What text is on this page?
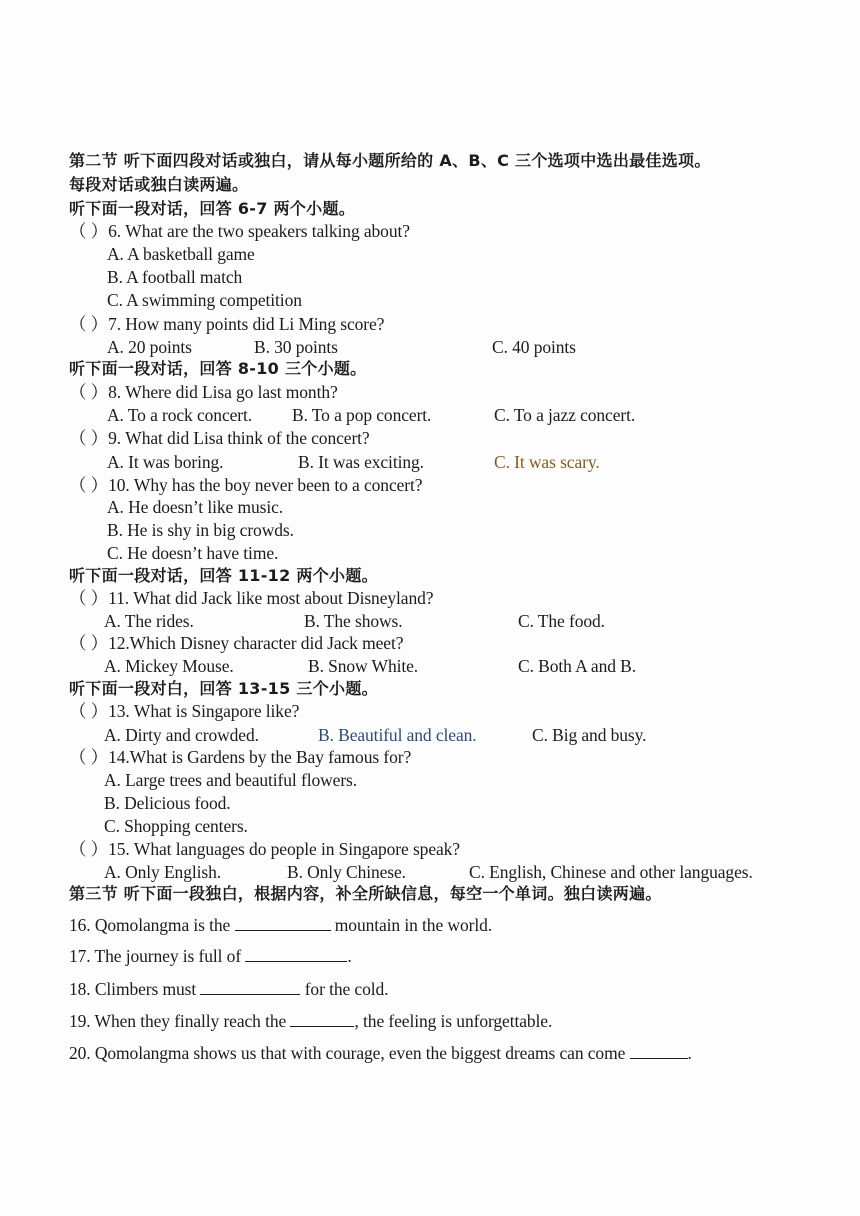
第二节 听下面四段对话或独白，请从每小题所给的 A、B、C 三个选项中选出最佳选项。
每段对话或独白读两遍。
听下面一段对话，回答 6-7 两个小题。
（ ）6. What are the two speakers talking about?
A. A basketball game
B. A football match
C. A swimming competition
（ ）7. How many points did Li Ming score?
A. 20 points	B. 30 points	C. 40 points
听下面一段对话，回答 8-10 三个小题。
（ ）8. Where did Lisa go last month?
A. To a rock concert. B. To a pop concert.	C. To a jazz concert.
（ ）9. What did Lisa think of the concert?
A. It was boring.	B. It was exciting.	C. It was scary.
（ ）10. Why has the boy never been to a concert?
A. He doesn’t like music.
B. He is shy in big crowds.
C. He doesn’t have time.
听下面一段对话，回答 11-12 两个小题。
（ ）11. What did Jack like most about Disneyland?
A. The rides.	B. The shows.	C. The food.
（ ）12.Which Disney character did Jack meet?
A. Mickey Mouse.	B. Snow White.	C. Both A and B.
听下面一段对白，回答 13-15 三个小题。
（ ）13. What is Singapore like?
A. Dirty and crowded.	B. Beautiful and clean.	C. Big and busy.
（ ）14.What is Gardens by the Bay famous for?
A. Large trees and beautiful flowers.
B. Delicious food.
C. Shopping centers.
（ ）15. What languages do people in Singapore speak?
A. Only English.	B. Only Chinese.	C. English, Chinese and other languages.
第三节 听下面一段独白，根据内容，补全所缺信息，每空一个单词。独白读两遍。
16. Qomolangma is the	mountain in the world.
17. The journey is full of	.
18. Climbers must	for the cold.
19. When they finally reach the	, the feeling is unforgettable.
20. Qomolangma shows us that with courage, even the biggest dreams can come	.
